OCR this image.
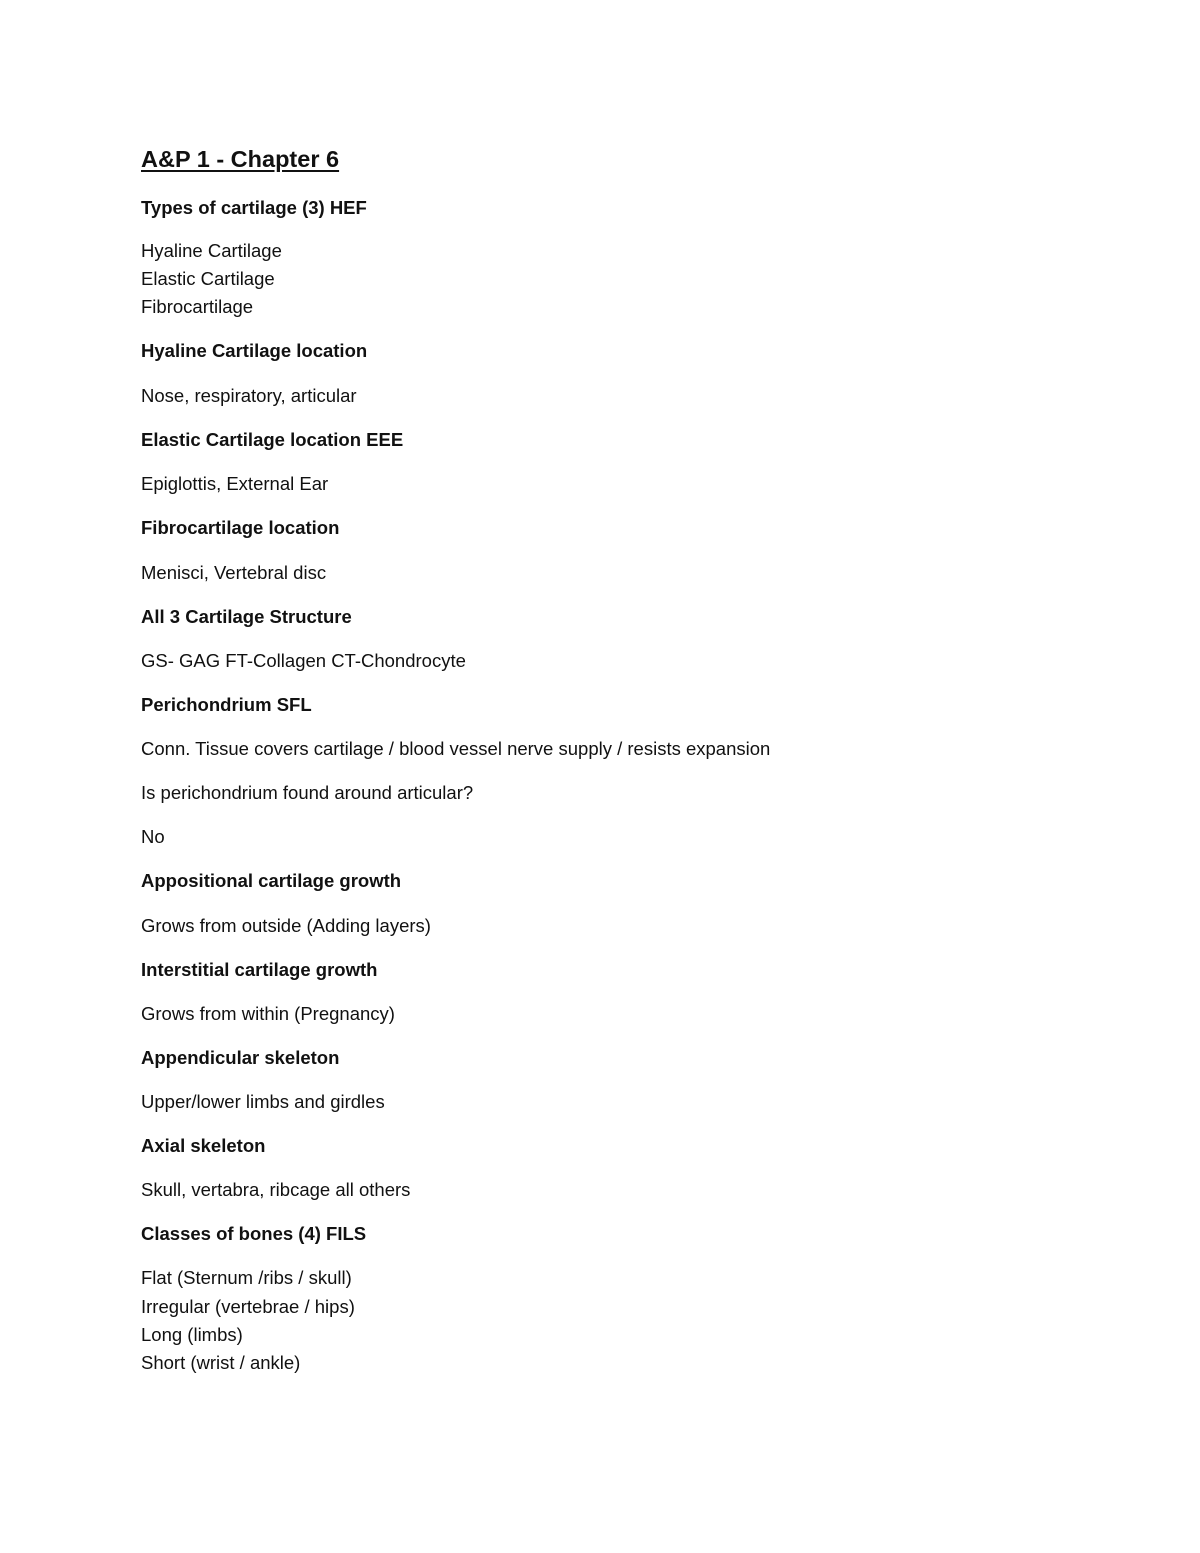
A&P 1 - Chapter 6
Types of cartilage (3) HEF
Hyaline Cartilage
Elastic Cartilage
Fibrocartilage
Hyaline Cartilage location
Nose, respiratory, articular
Elastic Cartilage location EEE
Epiglottis, External Ear
Fibrocartilage location
Menisci, Vertebral disc
All 3 Cartilage Structure
GS- GAG FT-Collagen CT-Chondrocyte
Perichondrium SFL
Conn. Tissue covers cartilage / blood vessel nerve supply / resists expansion
Is perichondrium found around articular?
No
Appositional cartilage growth
Grows from outside (Adding layers)
Interstitial cartilage growth
Grows from within (Pregnancy)
Appendicular skeleton
Upper/lower limbs and girdles
Axial skeleton
Skull, vertabra, ribcage all others
Classes of bones (4) FILS
Flat (Sternum /ribs / skull)
Irregular (vertebrae / hips)
Long (limbs)
Short (wrist / ankle)
